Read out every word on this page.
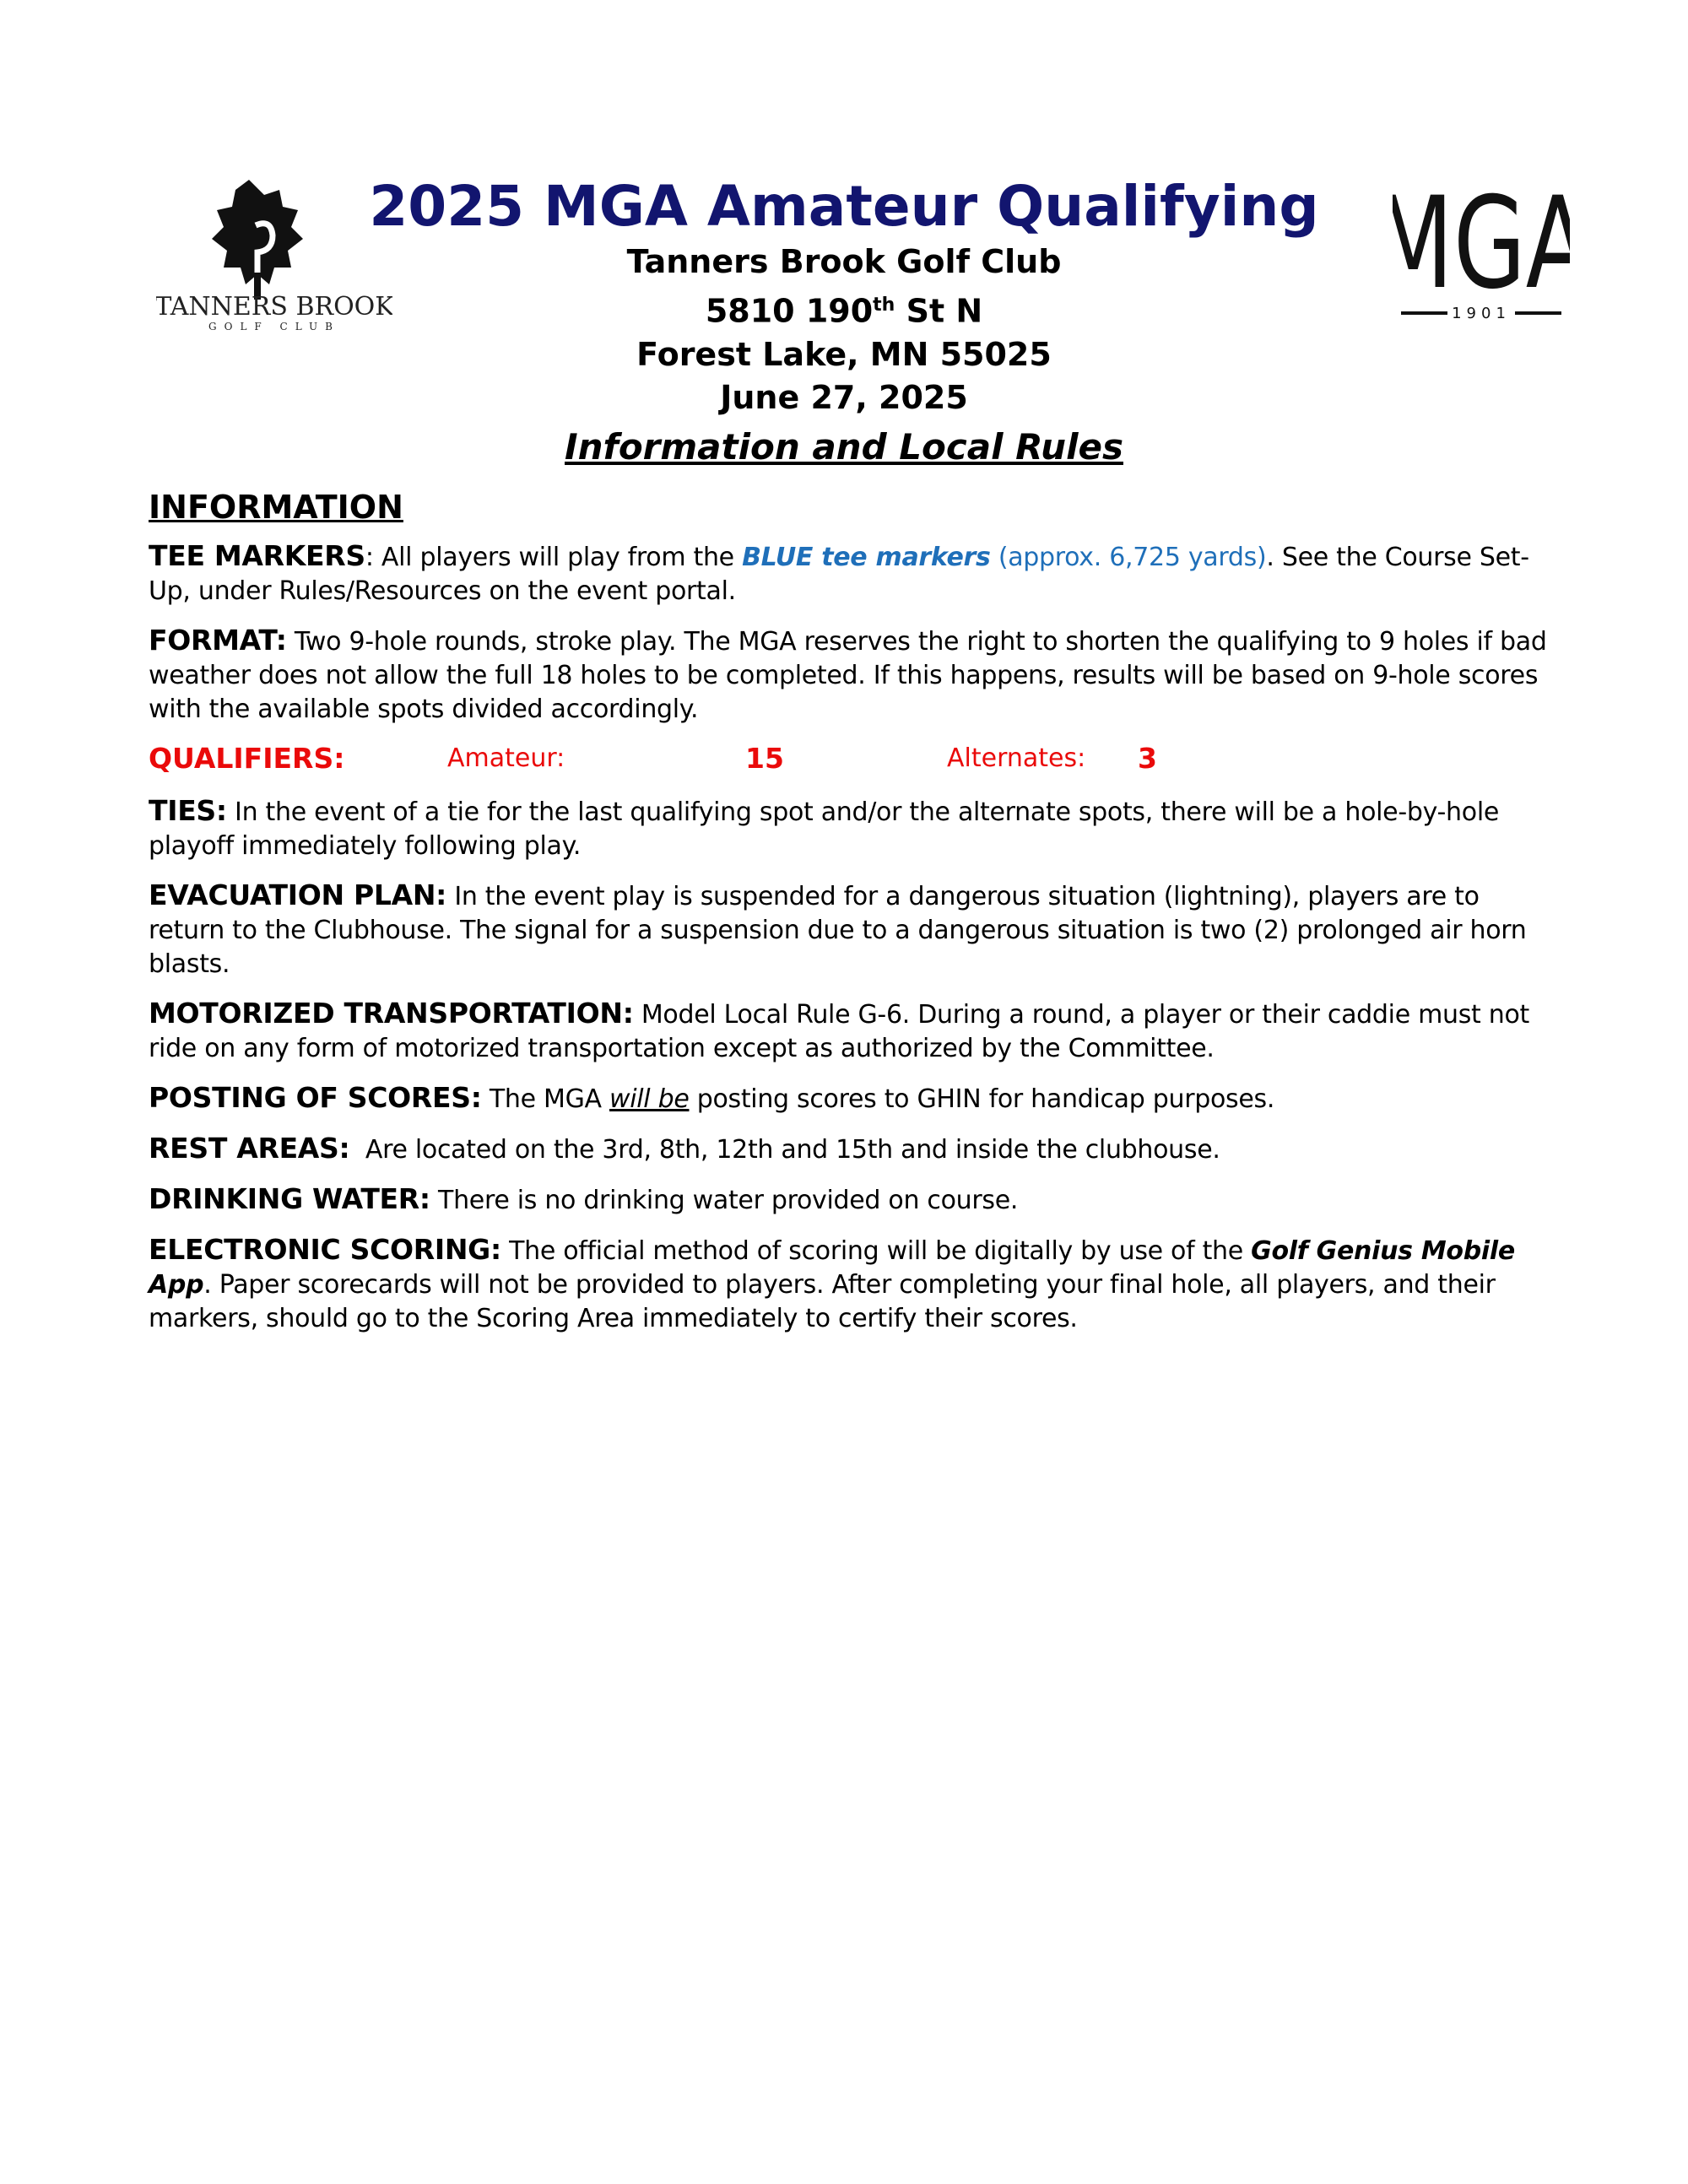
TANNERS BROOK
GOLF CLUB
G
1901
2025 MGA Amateur Qualifying
Tanners Brook Golf Club
5810 190th St N
Forest Lake, MN 55025
June 27, 2025
Information and Local Rules
INFORMATION

TEE MARKERS: All players will play from the BLUE tee markers (approx. 6,725 yards). See the Course Set-Up, under Rules/Resources on the event portal.

FORMAT: Two 9-hole rounds, stroke play. The MGA reserves the right to shorten the qualifying to 9 holes if bad weather does not allow the full 18 holes to be completed. If this happens, results will be based on 9-hole scores with the available spots divided accordingly.

QUALIFIERS:	Amateur:	15	Alternates: 3

TIES: In the event of a tie for the last qualifying spot and/or the alternate spots, there will be a hole-by-hole playoff immediately following play.

EVACUATION PLAN: In the event play is suspended for a dangerous situation (lightning), players are to return to the Clubhouse. The signal for a suspension due to a dangerous situation is two (2) prolonged air horn blasts.

MOTORIZED TRANSPORTATION: Model Local Rule G-6. During a round, a player or their caddie must not ride on any form of motorized transportation except as authorized by the Committee.

POSTING OF SCORES: The MGA will be posting scores to GHIN for handicap purposes.

REST AREAS:  Are located on the 3rd, 8th, 12th and 15th and inside the clubhouse.

DRINKING WATER: There is no drinking water provided on course.

ELECTRONIC SCORING: The official method of scoring will be digitally by use of the Golf Genius Mobile App. Paper scorecards will not be provided to players. After completing your final hole, all players, and their markers, should go to the Scoring Area immediately to certify their scores.
